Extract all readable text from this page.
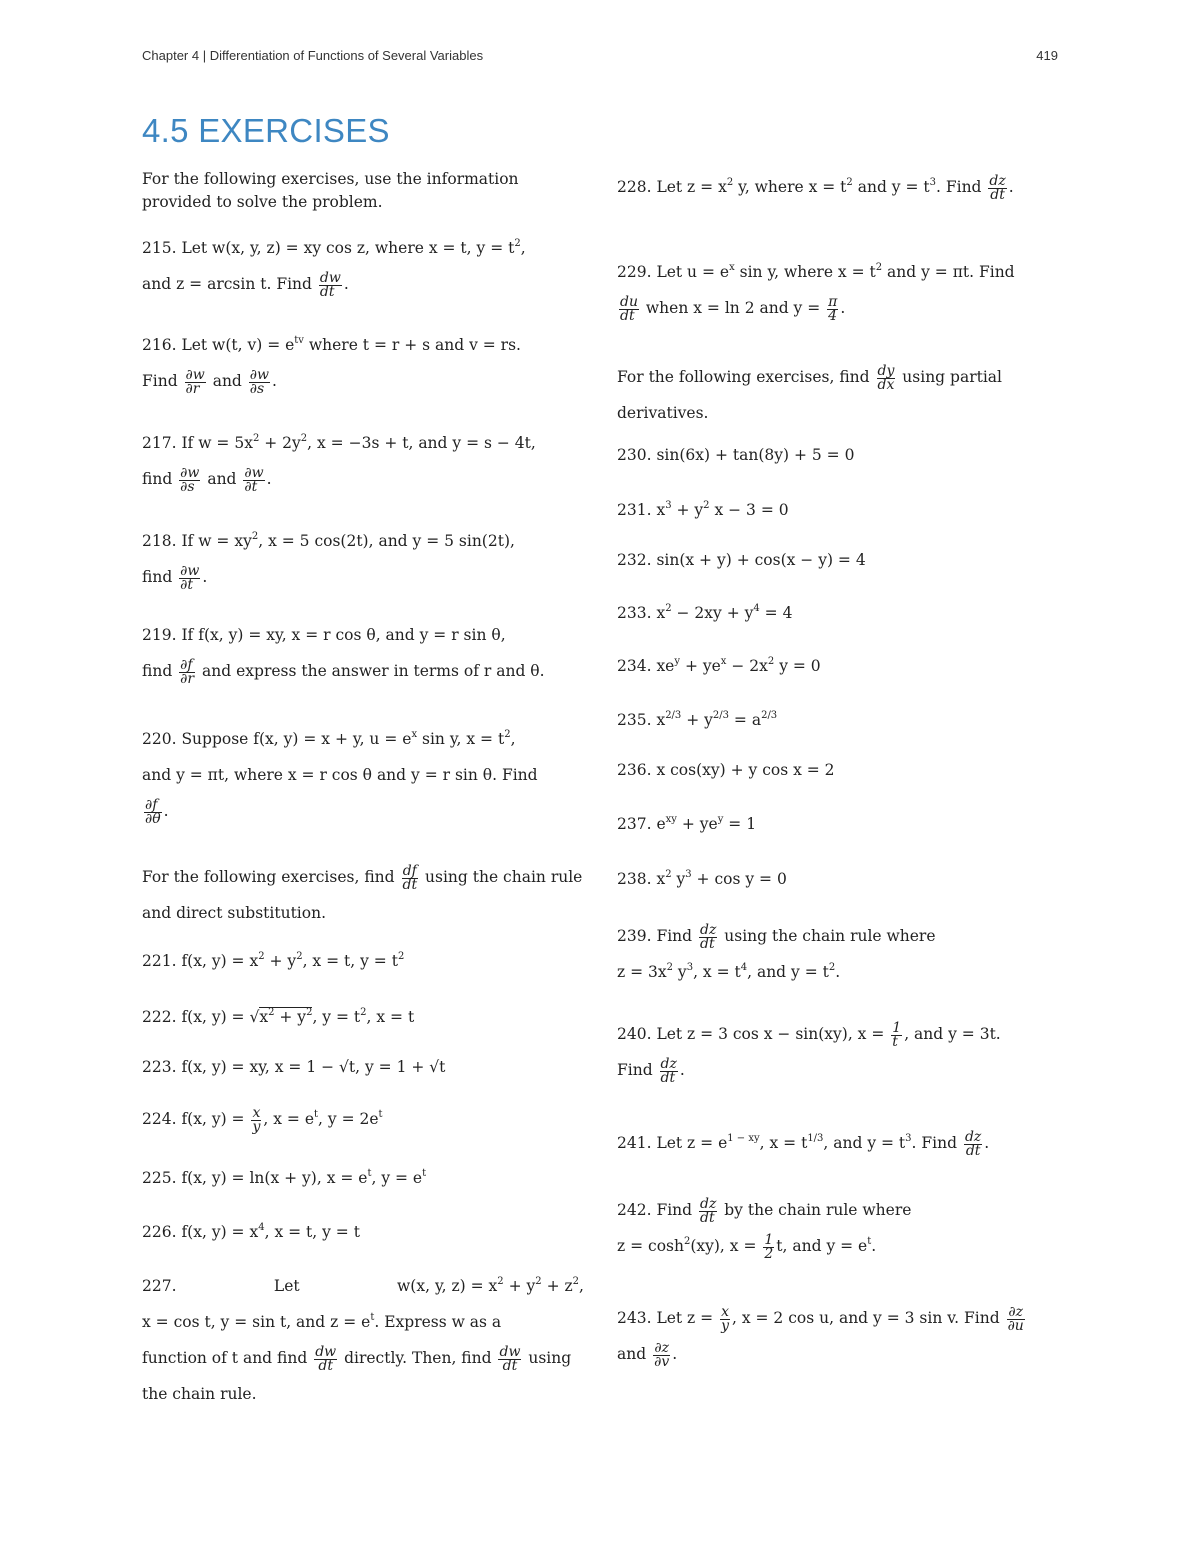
Chapter 4 | Differentiation of Functions of Several Variables	419
4.5 EXERCISES
For the following exercises, use the information provided to solve the problem.
215. Let w(x, y, z) = xy cos z, where x = t, $y = t^2$,
and z = arcsin t. Find $\frac{dw}{dt}$ .
216. Let w(t, $v) = e^{tv}$ where t = r + s and v = rs.
Find $\frac{\partial w}{\partial r}$ and $\frac{\partial w}{\partial s}$ .
217. If $w = 5x^2 + 2y^2$, x = −3s + t, and y = s − 4t,
find $\frac{\partial w}{\partial s}$ and $\frac{\partial w}{\partial t}$ .
218. If $w = xy^2$, x = 5 cos(2t), and y = 5 sin(2t),
find $\frac{\partial w}{\partial t}$ .
219. If f(x, y) = xy, x = r cos θ, and y = r sin θ,
find $\frac{\partial f}{\partial r}$ and express the answer in terms of r and θ.
220. Suppose f(x, y) = x + y, $u = e^x$ sin y, $x = t^2$,
and y = πt, where x = r cos θ and y = r sin θ. Find

$\frac{\partial f}{\partial\theta}$ .
For the following exercises, find $\frac{df}{dt}$ using the chain rule and direct substitution.
221. f(x, $y) = x^2 + y^2$, x = t, $y = t^2$
222. f(x, $y) = √x^2 + y^2$, $y = t^2$, x = t
223. f(x, y) = xy, x = 1 − √t, y = 1 + √t
224. f(x, $y) = \frac{x}{y}$ , $x = e^t$, $y = 2e^t$
225. f(x, y) = ln(x + y), $x = e^t$, $y = e^t$
226. f(x, $y) = x^4$, x = t, y = t
227.	Let	w(x, y, $z) = x^2 + y^2 + z^2$,
x = cos t, y = sin t, and $z = e^t$. Express w as a
function of t and find $\frac{dw}{dt}$ directly. Then, find $\frac{dw}{dt}$ using
the chain rule.
228. Let $z = x^2$ y, where $x = t^2$ and $y = t^3$. Find $\frac{dz}{dt}$ .
229. Let $u = e^x$ sin y, where $x = t^2$ and y = πt. Find

$\frac{du}{dt}$ when x = ln 2 and $y = \frac{\pi}{4}$ .
For the following exercises, find $\frac{dy}{dx}$ using partial
derivatives.
230. sin(6x) + tan(8y) + 5 = 0
231. $x^3 + y^2$ x − 3 = 0
232. sin(x + y) + cos(x − y) = 4
233. $x^2 - 2xy + y^4 = 4$
234. $xe^y + ye^x - 2x^2$ y = 0
235. $x^{2/3} + y^{2/3} = a^{2/3}$
236. x cos(xy) + y cos x = 2
237. $e^{xy} + ye^y = 1$
238. $x^2$ $y^3 + \cos y = 0$
239. Find $\frac{dz}{dt}$ using the chain rule where
$z = 3x^2$ $y^3$, $x = t^4$, and $y = t^2$.
240. Let z = 3 cos x − sin(xy), $x = \frac{1}{t}$ , and y = 3t.
Find $\frac{dz}{dt}$ .
241. Let $z = e^{1 - xy}$, $x = t^{1/3}$, and $y = t^3$. Find $\frac{dz}{dt}$ .
242. Find $\frac{dz}{dt}$ by the chain rule where
$z = \cosh^2(xy)$, $x = \frac{1}{2} t$, and $y = e^t$.
243. Let $z = \frac{x}{y}$ , x = 2 cos u, and y = 3 sin v. Find $\frac{\partial z}{\partial u}$

and $\frac{\partial z}{\partial v}$ .
